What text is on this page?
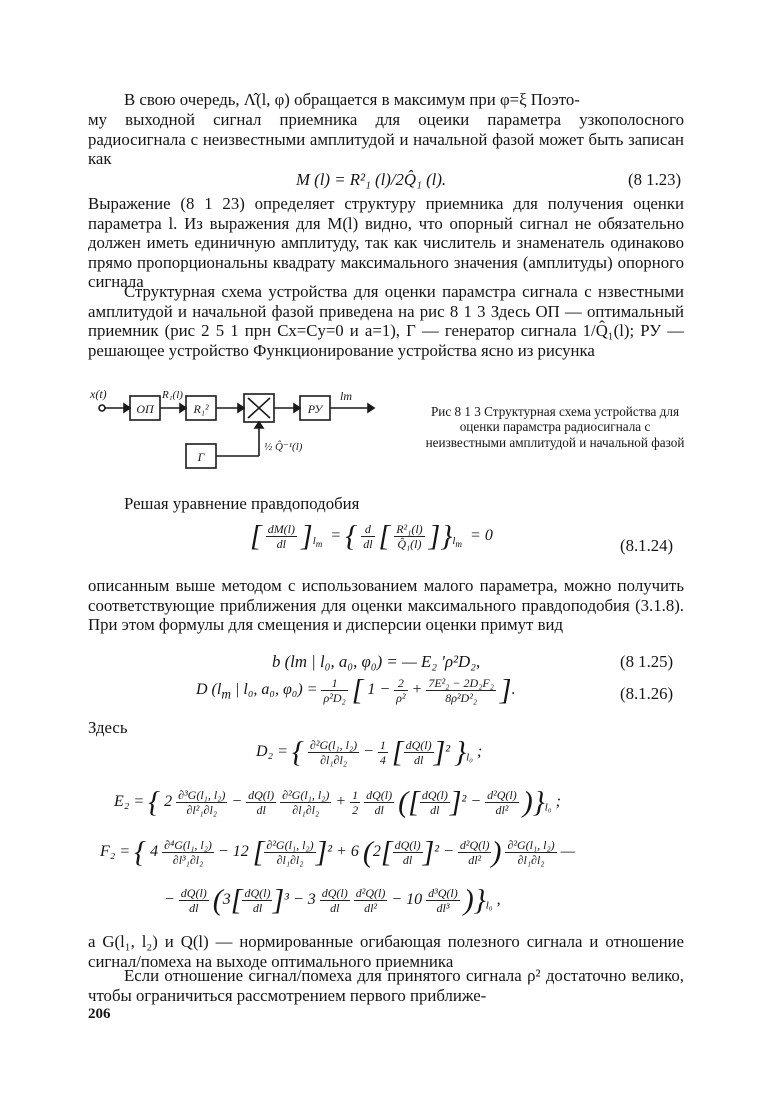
В свою очередь, Λ̂(l, φ) обращается в максимум при φ=ξ Поэто-

му выходной сигнал приемника для оцеики параметра узкополосного радиосигнала с неизвестными амплитудой и начальной фазой может быть записан как

M (l) = R²₁ (l)/2Q̂₁ (l).	(8 1.23)

Выражение (8 1 23) определяет структуру приемника для получения оценки параметра l. Из выражения для M(l) видно, что опорный сигнал не обязательно должен иметь единичную амплитуду, так как числитель и знаменатель одинаково прямо пропорциональны квадрату максимального значения (амплитуды) опорного сигнала

Структурная схема устройства для оценки парамстра сигнала с нзвестными амплитудой и начальной фазой приведена на рис 8 1 3 Здесь ОП — оптимальный приемник (рис 2 5 1 прн Cx=Cy=0 и a=1), Г — генератор сигнала 1/Q̂₁(l); РУ — решающее устройство Функционирование устройства ясно из рисунка

x(t)
ОП
R₁(l)
R₁²	РУ
lm
Г
½ Q̂⁻¹(l)
Рис 8 1 3 Структурная схема устройства для оценки парамстра радиосигнала с неизвестными амплитудой и начальной фазой
Решая уравнение правдоподобия
[ $\frac{dM(l)}{dl} ]_{l_m}$  = { $\frac{d}{dl}$ [ $\frac{\text{R²₁(l)}}{\text{Q̂₁(l)}} ]\}_{l_m} = 0$
(8.1.24)

описанным выше методом с использованием малого параметра, можно получить соответствующие приближения для оценки максимального правдоподобия (3.1.8). При этом формулы для смещения и дисперсии оценки примут вид

b (lm | l₀, a₀, φ₀) = — E₂ ′ρ²D₂,	(8 1.25)
D ($l_m$ | l₀, a₀, $\varphi_0) = \frac{1}{\text{ρ²D₂}}$ [ $1 - \frac{2}{\text{ρ²}} + \frac{\text{7E²₂ − 2D₂F₂}}{\text{8ρ²D²₂}}$ ].	(8.1.26)
Здесь
D₂ = { $\frac{\text{∂²G(l₁, l₂)}}{\text{∂l₁∂l₂}} - \frac{1}{4}$ [ $\frac{dQ(l)}{dl} ]^2$ }$_{l_0}$ ;
E₂ = { $2 \frac{\text{∂³G(l₁, l₂)}}{\text{∂l²₁∂l₂}} - \frac{dQ(l)}{dl}$
$\frac{\text{∂²G(l₁, l₂)}}{\text{∂l₁∂l₂}} + \frac{1}{2}$
$\frac{dQ(l)}{dl}$ ([ $\frac{dQ(l)}{dl} ]^2 - \frac{\text{d²Q(l)}}{\text{dl²}} )\}_{l_0}$ ;
F₂ = { $4 \frac{\text{∂⁴G(l₁, l₂)}}{\text{∂l³₁∂l₂}} - 12$ [ $\frac{\text{∂²G(l₁, l₂)}}{\text{∂l₁∂l₂}} ]^2 + 6$ ($2[ \frac{dQ(l)}{dl} ]^2 - \frac{\text{d²Q(l)}}{\text{dl²}}$ ) $\frac{\text{∂²G(l₁, l₂)}}{\text{∂l₁∂l₂}}$ —
− $\frac{dQ(l)}{dl} (3[ \frac{dQ(l)}{dl} ]^3 - 3 \frac{dQ(l)}{dl}$
$\frac{\text{d²Q(l)}}{\text{dl²}} - 10 \frac{\text{d³Q(l)}}{\text{dl³}} )\}_{l_0}$ ,

a G(l₁, l₂) и Q(l) — нормированные огибающая полезного сигнала и отношение сигнал/помеха на выходе оптимального приемника

Если отношение сигнал/помеха для принятого сигнала ρ² достаточно велико, чтобы ограничиться рассмотрением первого приближе-

206
